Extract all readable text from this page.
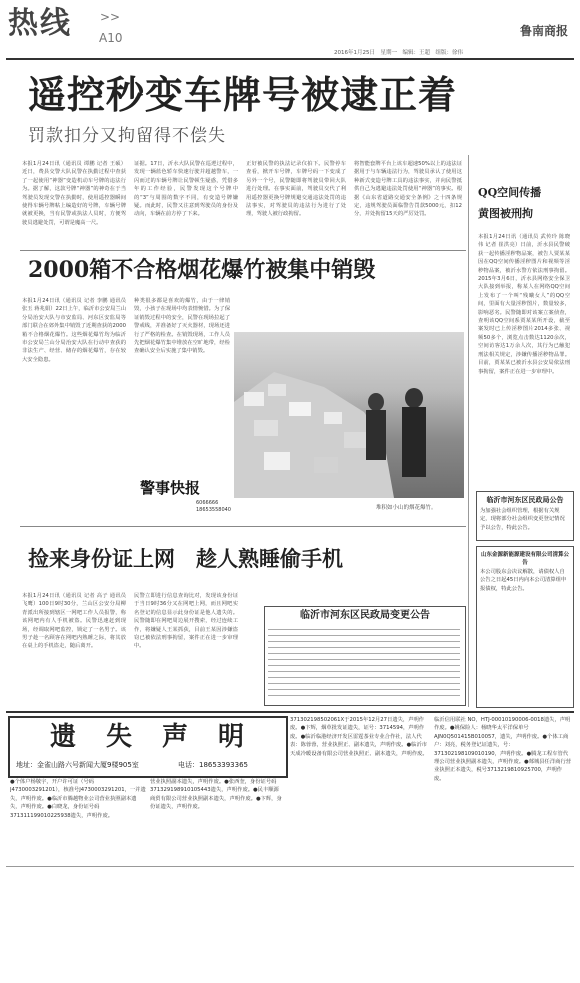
热线 >>
A10
2016年1月25日　星期一　编辑：王超　组版：徐伟
鲁南商报
遥控秒变车牌号被逮正着
罚款扣分又拘留得不偿失
本报1月24日讯（通讯员 谭鹏 记者 王硕）近日，费县交警大队民警在执勤过程中查获了一起使用“神器”变造机动车号牌的违法行为。据了解，这款号牌“神器”的神奇在于当驾驶员发现交警在执勤时，使用遥控器瞬间使得车辆号牌粘上编造好的号牌，车辆号牌就被更换，当有民警或执法人员时，方便驾驶员逃避处罚，可谓是魔高一尺。
证据。17日，沂水大队民警在巡逻过程中，发现一辆蓝色轿车快速行驶并超越警车，一闪而过的车辆号牌让民警顿生疑惑，凭借多年的工作经验，民警发现这个号牌中的“3”与周围的数字不同，有变造号牌嫌疑。而此时，民警又注意到驾驶员的身份及动向，车辆在前方停了下来。
正好被民警的执法记录仪拍下。民警停车查看，掀开车号牌，车牌号码一下变成了另外一个号，民警随即将驾驶员带回大队进行处理。在事实面前，驾驶员交代了利用遥控器更换号牌规避交通违法处罚的违法事实，对驾驶员的违法行为进行了处理，驾驶人被行政拘留。
将智能套牌平台上该车超速50%以上的违法证据用于与车辆违法行为，驾驶员承认了使用这种新式变造号牌工具的违法事实，并向民警抵供自己为逃避违法处罚使用“神器”的事实。根据《山东省道路交通安全条例》之十四条规定，违规驾驶员面临警告罚款5000元，扣12分，并处拘留15天的严厉处罚。
QQ空间传播
黄图被刑拘
本报1月24日讯（通讯员 武传玲 陈晓伟 记者 崔洪亮）日前，沂水县民警破获一起传播淫秽物品案，被告人贾某某因在QQ空间传播淫秽图片和视频等淫秽物品案，被沂水警方依法刑事拘留。2015年3月6日，沂水县网络安全保卫大队接到举报，称某人在网络QQ空间上发布了一个叫“残曦女人”的QQ空间，里面有大量淫秽图片，数量较多，影响恶劣。民警随即对该案立案侦查，查明该QQ空间系贾某某所开设，截至案发时已上传淫秽图片2014多张、视频50多个，浏览点击数达1120余次，空间访客达1万余人次，其行为已触犯刑法相关规定，涉嫌传播淫秽物品罪。目前，贾某某已被沂水县公安局依法刑事拘留，案件正在进一步审理中。
临沂市河东区民政局公告
为加强社会组织管理，根据有关规定，现将部分社会组织变更登记情况予以公告，特此公告。
山东金源新能源建设有限公司清算公告
本公司股东会决议解散，请债权人自公告之日起45日内向本公司清算组申报债权，特此公告。
2000箱不合格烟花爆竹被集中销毁
本报1月24日讯（通讯员 记者 李鹏 通讯员 张玉 蒋兆娟）22日上午，临沂市公安局兰山分局治安大队与市安监局、河东区安监局等部门联合在郊外集中销毁了近期查获的2000箱不合格烟花爆竹。这些烟花爆竹均为临沂市公安局兰山分局治安大队在行动中查获的非法生产、经营、储存的烟花爆竹，存在较大安全隐患。
种类很多都是喜欢的爆竹，由于一律销毁，小孩子在现场中均表情惋惜。为了保证销毁过程中的安全，民警在现场拉起了警戒线，并准备好了灭火器材，现场还进行了严格的检查。在销毁现场，工作人员先把烟花爆竹集中堆放在空旷地带，经检查确认安全后实施了集中销毁。
堆积如小山的烟花爆竹。
警事快报
6066666
18653558040
捡来身份证上网　趁人熟睡偷手机
本报1月24日讯（通讯员 记者 高子 通讯员 飞鹰）100日9时30分，兰山区公安分局柳青派出所接到辖区一网吧工作人员报警，称该网吧内有人手机被盗。民警迅速赶到现场，经调取网吧监控，锁定了一名男子。该男子趁一名顾客在网吧内熟睡之际，将其放在桌上的手机盗走，随后离开。
民警立即进行信息查询比对，发现该身份证于当日9时36分又在网吧上网，而且网吧实名登记的信息显示此身份证是他人遗失的。民警随即在网吧周边展开搜索，经过连续工作，将嫌疑人王某抓获，目前王某因涉嫌盗窃已被依法刑事拘留，案件正在进一步审理中。
临沂市河东区民政局变更公告
遗　失　声　明
地址：金雀山路六号新闻大厦9楼905室	电话：18653393365
●个体户杨敬宇，开户许可证（号码J4730003291201），核准号J4730003291201，一并遗失，声明作废。●临沂市腾越物业公司营业执照副本遗失，声明作废。●白晓龙，身份证号码371311199010225938遗失，声明作废。
营业执照副本遗失，声明作废。●张西奎，身份证号码371329198910105443遗失，声明作废。●民丰顺源商贸有限公司营业执照副本遗失，声明作废。●卞辉，身份证遗失，声明作废。
371302198502061X于2015年12月27日遗失，声明作废。●卞辉，烟草批发证遗失，证号：3714594，声明作废。●临沂临港经济开发区雷霆茶业专业合作社，法人代表：陈蓉蓉，营业执照正、副本遗失，声明作废。●临沂市天成冷暖设备有限公司营业执照正、副本遗失，声明作废。
临沂信用联社 NO，HTJ-00010190006-0018遗失，声明作废。●姚保险人：杨晓华太平洋保单号AJN0Q501415B010057，遗失，声明作废。●个体工商户：刘亮，税务登记证遗失，号：371302198109010190，声明作废。●腾龙工程车管代理公司营业执照副本遗失，声明作废。●郯城县任洋商行营业执照正本遗失，税号3713219810925700，声明作废。
